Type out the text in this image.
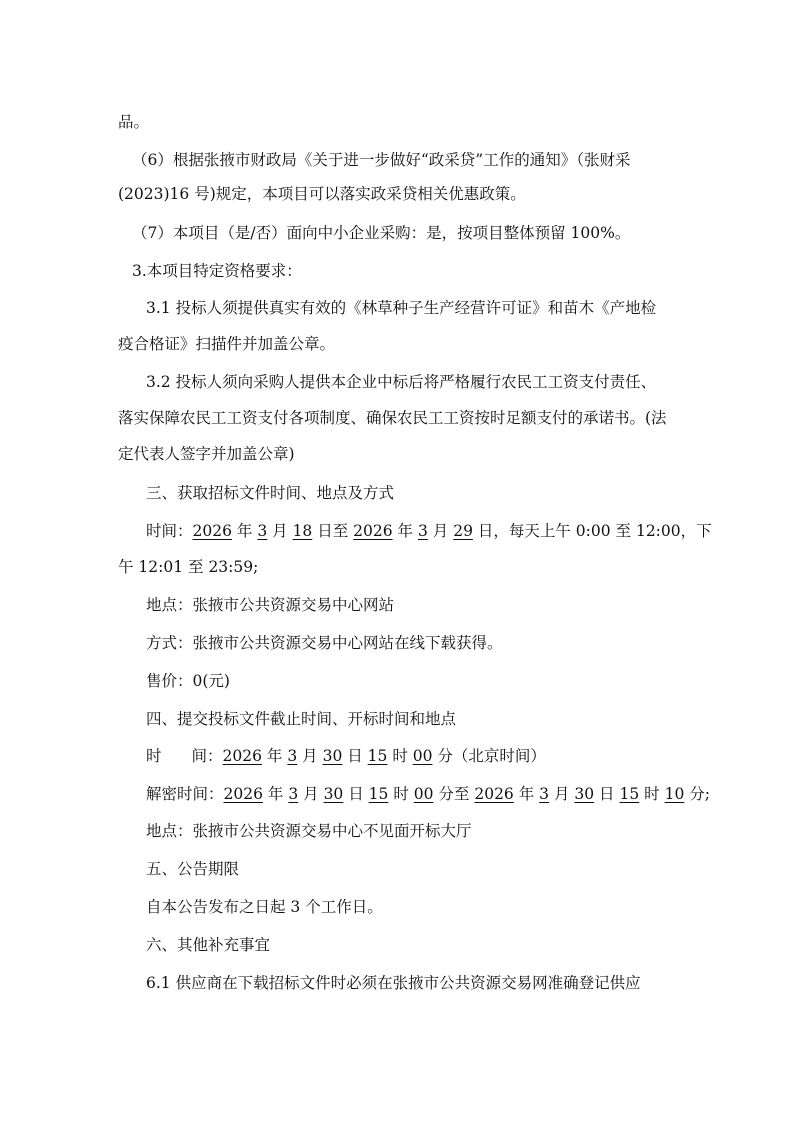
品。
（6）根据张掖市财政局《关于进一步做好“政采贷”工作的通知》（张财采
(2023)16 号)规定，本项目可以落实政采贷相关优惠政策。
（7）本项目（是/否）面向中小企业采购：是，按项目整体预留 100%。
3.本项目特定资格要求：
3.1 投标人须提供真实有效的《林草种子生产经营许可证》和苗木《产地检
疫合格证》扫描件并加盖公章。
3.2 投标人须向采购人提供本企业中标后将严格履行农民工工资支付责任、
落实保障农民工工资支付各项制度、确保农民工工资按时足额支付的承诺书。(法
定代表人签字并加盖公章)
三、获取招标文件时间、地点及方式
时间：2026 年 3 月 18 日至 2026 年 3 月 29 日，每天上午 0:00 至 12:00，下
午 12:01 至 23:59;
地点：张掖市公共资源交易中心网站
方式：张掖市公共资源交易中心网站在线下载获得。
售价：0(元)
四、提交投标文件截止时间、开标时间和地点
时 间：2026 年 3 月 30 日 15 时 00 分（北京时间）
解密时间：2026 年 3 月 30 日 15 时 00 分至 2026 年 3 月 30 日 15 时 10 分;
地点：张掖市公共资源交易中心不见面开标大厅
五、公告期限
自本公告发布之日起 3 个工作日。
六、其他补充事宜
6.1 供应商在下载招标文件时必须在张掖市公共资源交易网准确登记供应
